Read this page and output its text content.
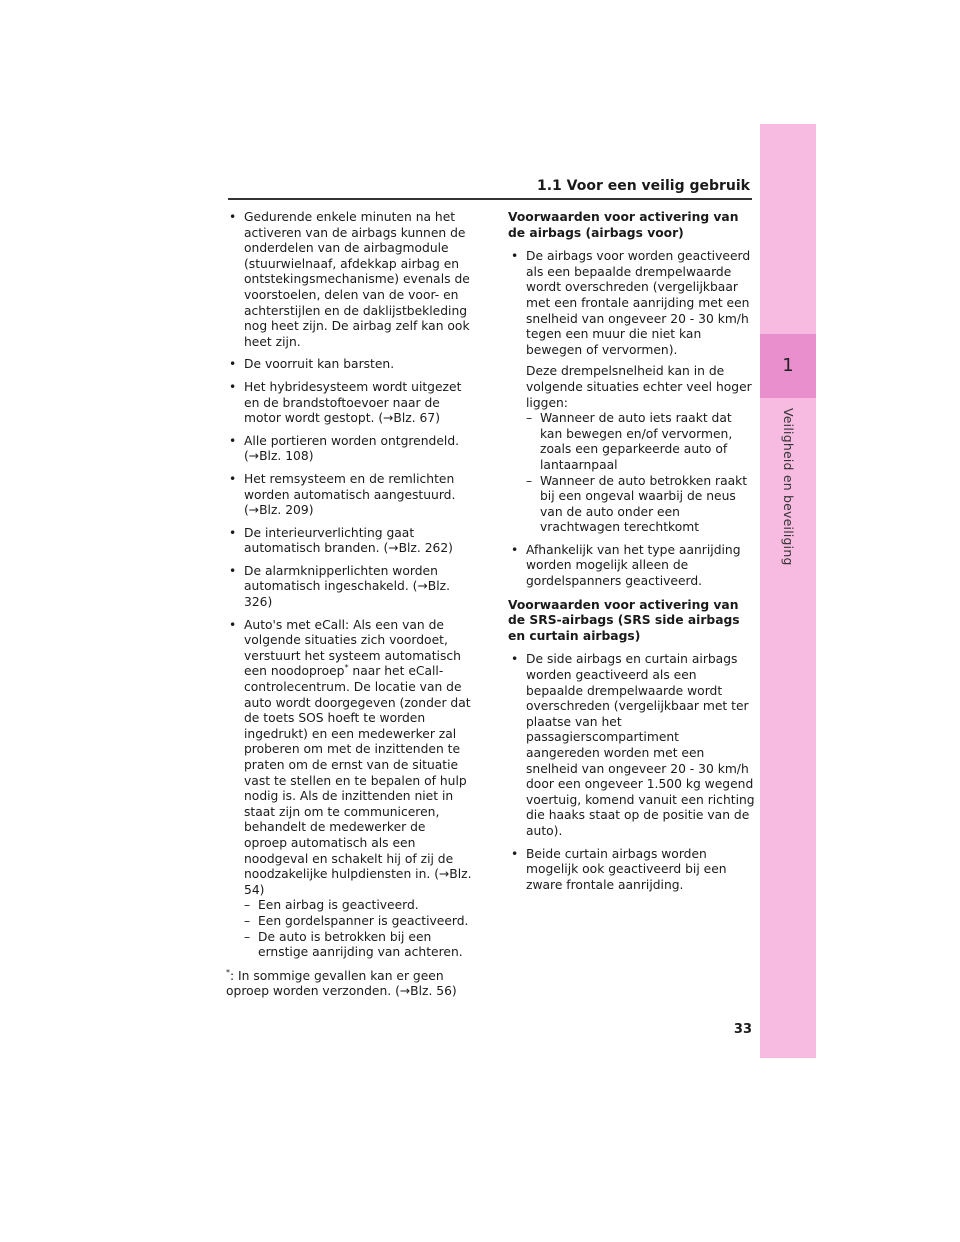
1.1 Voor een veilig gebruik
1
Veiligheid en beveiliging
• Gedurende enkele minuten na het activeren van de airbags kunnen de onderdelen van de airbagmodule (stuurwielnaaf, afdekkap airbag en ontstekingsmechanisme) evenals de voorstoelen, delen van de voor- en achterstijlen en de daklijstbekleding nog heet zijn. De airbag zelf kan ook heet zijn.
• De voorruit kan barsten.
• Het hybridesysteem wordt uitgezet en de brandstoftoevoer naar de motor wordt gestopt. (→Blz. 67)
• Alle portieren worden ontgrendeld. (→Blz. 108)
• Het remsysteem en de remlichten worden automatisch aangestuurd. (→Blz. 209)
• De interieurverlichting gaat automatisch branden. (→Blz. 262)
• De alarmknipperlichten worden automatisch ingeschakeld. (→Blz. 326)
• Auto's met eCall: Als een van de volgende situaties zich voordoet, verstuurt het systeem automatisch een noodoproep* naar het eCall-controlecentrum. De locatie van de auto wordt doorgegeven (zonder dat de toets SOS hoeft te worden ingedrukt) en een medewerker zal proberen om met de inzittenden te praten om de ernst van de situatie vast te stellen en te bepalen of hulp nodig is. Als de inzittenden niet in staat zijn om te communiceren, behandelt de medewerker de oproep automatisch als een noodgeval en schakelt hij of zij de noodzakelijke hulpdiensten in. (→Blz. 54)
– Een airbag is geactiveerd.
– Een gordelspanner is geactiveerd.
– De auto is betrokken bij een ernstige aanrijding van achteren.
*: In sommige gevallen kan er geen oproep worden verzonden. (→Blz. 56)
Voorwaarden voor activering van de airbags (airbags voor)
• De airbags voor worden geactiveerd als een bepaalde drempelwaarde wordt overschreden (vergelijkbaar met een frontale aanrijding met een snelheid van ongeveer 20 - 30 km/h tegen een muur die niet kan bewegen of vervormen).
Deze drempelsnelheid kan in de volgende situaties echter veel hoger liggen:
– Wanneer de auto iets raakt dat kan bewegen en/of vervormen, zoals een geparkeerde auto of lantaarnpaal
– Wanneer de auto betrokken raakt bij een ongeval waarbij de neus van de auto onder een vrachtwagen terechtkomt
• Afhankelijk van het type aanrijding worden mogelijk alleen de gordelspanners geactiveerd.
Voorwaarden voor activering van de SRS-airbags (SRS side airbags en curtain airbags)
• De side airbags en curtain airbags worden geactiveerd als een bepaalde drempelwaarde wordt overschreden (vergelijkbaar met ter plaatse van het passagierscompartiment aangereden worden met een snelheid van ongeveer 20 - 30 km/h door een ongeveer 1.500 kg wegend voertuig, komend vanuit een richting die haaks staat op de positie van de auto).
• Beide curtain airbags worden mogelijk ook geactiveerd bij een zware frontale aanrijding.
33
